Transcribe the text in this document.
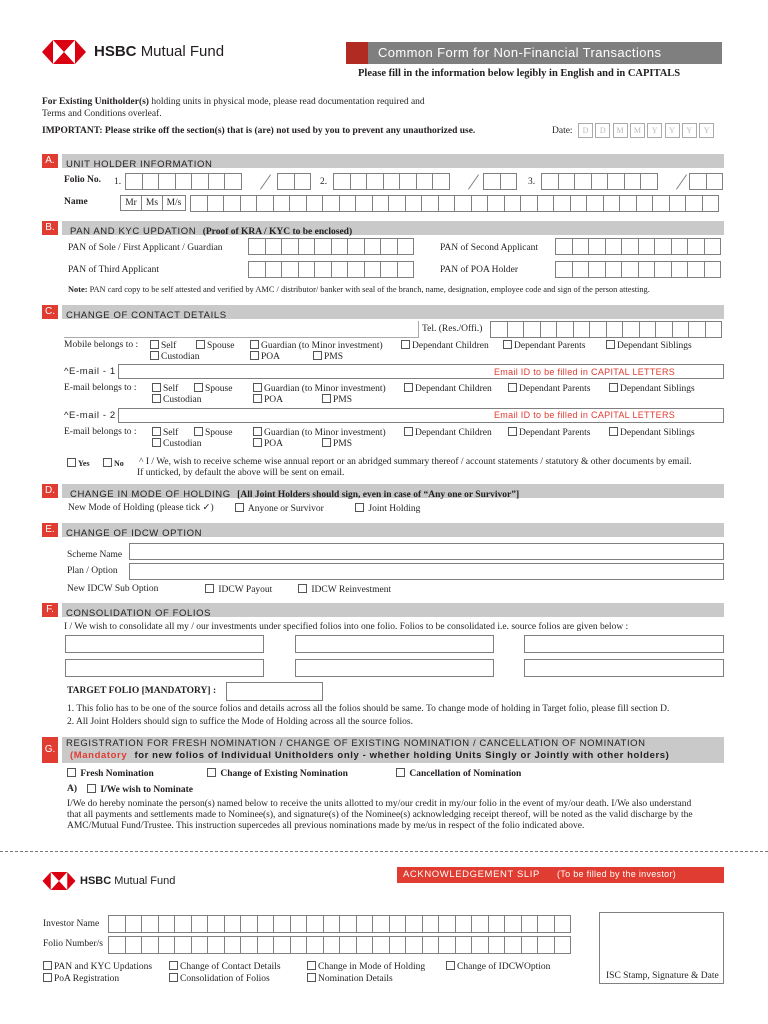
HSBC Mutual Fund	Common Form for Non-Financial Transactions
Please fill in the information below legibly in English and in CAPITALS
For Existing Unitholder(s) holding units in physical mode, please read documentation required and
Terms and Conditions overleaf.
IMPORTANT: Please strike off the section(s) that is (are) not used by you to prevent any unauthorized use.	Date:	D	D	M	M	Y	Y	Y	Y
A.	UNIT HOLDER INFORMATION
Folio No. 1.	2.	3.
Name	Mr Ms M/s
B.	PAN AND KYC UPDATION (Proof of KRA / KYC to be enclosed)
PAN of Sole / First Applicant / Guardian	PAN of Second Applicant
PAN of Third Applicant	PAN of POA Holder
Note: PAN card copy to be self attested and verified by AMC / distributor/ banker with seal of the branch, name, designation, employee code and sign of the person attesting.
C.	CHANGE OF CONTACT DETAILS
Tel. (Res./Offi.)
Mobile belongs to :	Self	Spouse	Guardian (to Minor investment)	Dependant Children	Dependant Parents	Dependant Siblings
Custodian	POA	PMS
^E-mail - 1	Email ID to be filled in CAPITAL LETTERS
E-mail belongs to :	Self	Spouse	Guardian (to Minor investment)	Dependant Children	Dependant Parents	Dependant Siblings
Custodian	POA	PMS
^E-mail - 2	Email ID to be filled in CAPITAL LETTERS
E-mail belongs to :	Self	Spouse	Guardian (to Minor investment)	Dependant Children	Dependant Parents	Dependant Siblings
Custodian	POA	PMS
Yes	No ^ I / We, wish to receive scheme wise annual report or an abridged summary thereof / account statements / statutory & other documents by email.
If unticked, by default the above will be sent on email.
D.	CHANGE IN MODE OF HOLDING [All Joint Holders should sign, even in case of “Any one or Survivor”]
New Mode of Holding (please tick ✓)	Anyone or Survivor	Joint Holding
E.	CHANGE OF IDCW OPTION
Scheme Name
Plan / Option
New IDCW Sub Option	IDCW Payout	IDCW Reinvestment
F.	CONSOLIDATION OF FOLIOS
I / We wish to consolidate all my / our investments under specified folios into one folio. Folios to be consolidated i.e. source folios are given below :
TARGET FOLIO [MANDATORY] :
1. This folio has to be one of the source folios and details across all the folios should be same. To change mode of holding in Target folio, please fill section D.
2. All Joint Holders should sign to suffice the Mode of Holding across all the source folios.
G.
REGISTRATION FOR FRESH NOMINATION / CHANGE OF EXISTING NOMINATION / CANCELLATION OF NOMINATION
(Mandatory for new folios of Individual Unitholders only - whether holding Units Singly or Jointly with other holders)
Fresh Nomination	Change of Existing Nomination	Cancellation of Nomination
A)	I/We wish to Nominate
I/We do hereby nominate the person(s) named below to receive the units allotted to my/our credit in my/our folio in the event of my/our death. I/We also understand
that all payments and settlements made to Nominee(s), and signature(s) of the Nominee(s) acknowledging receipt thereof, will be noted as the valid discharge by the
AMC/Mutual Fund/Trustee. This instruction supercedes all previous nominations made by me/us in respect of the folio indicated above.
HSBC Mutual Fund
ACKNOWLEDGEMENT SLIP (To be filled by the investor)
Investor Name
Folio Number/s
PAN and KYC Updations	Change of Contact Details	Change in Mode of Holding	Change of IDCWOption
PoA Registration	Consolidation of Folios	Nomination Details	ISC Stamp, Signature & Date
